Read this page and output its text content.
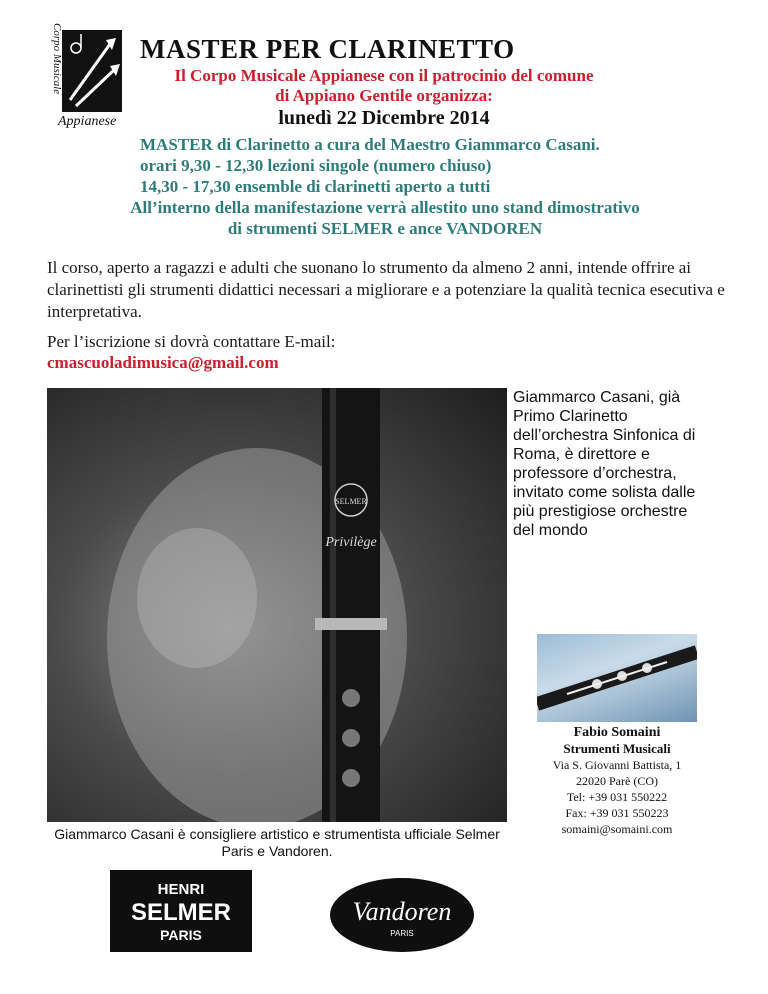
Corpo Musicale
Appianese
MASTER PER CLARINETTO
Il Corpo Musicale Appianese con il patrocinio del comune
di Appiano Gentile organizza:
lunedì 22 Dicembre 2014
MASTER di Clarinetto a cura del Maestro Giammarco Casani.
orari 9,30 - 12,30 lezioni singole (numero chiuso)
14,30 - 17,30 ensemble di clarinetti aperto a tutti
All’interno della manifestazione verrà allestito uno stand dimostrativo
di strumenti SELMER e ance VANDOREN
Il corso, aperto a ragazzi e adulti che suonano lo strumento da almeno 2 anni, intende offrire ai clarinettisti gli strumenti didattici necessari a migliorare e a potenziare la qualità tecnica esecutiva e interpretativa.
Per l’iscrizione si dovrà contattare E-mail:
cmascuoladimusica@gmail.com
SELMER
Privilège
Giammarco Casani, già Primo Clarinetto dell’orchestra Sinfonica di Roma, è direttore e professore d’orchestra, invitato come solista dalle più prestigiose orchestre del mondo
Fabio Somaini
Strumenti Musicali
Via S. Giovanni Battista, 1
22020 Parè (CO)
Tel: +39 031 550222
Fax: +39 031 550223
somaini@somaini.com
Giammarco Casani è consigliere artistico e strumentista ufficiale Selmer Paris e Vandoren.
HENRI
SELMER
PARIS
Vandoren
PARIS
